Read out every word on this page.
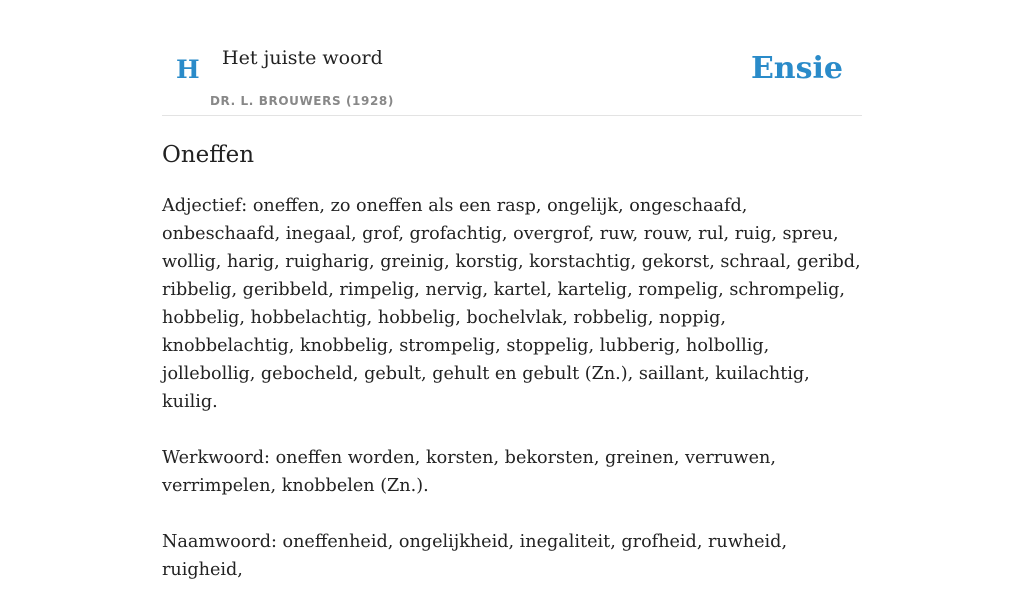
H Het juiste woord
DR. L. BROUWERS (1928)
Ensie
Oneffen

Adjectief: oneffen, zo oneffen als een rasp, ongelijk, ongeschaafd, onbeschaafd, inegaal, grof, grofachtig, overgrof, ruw, rouw, rul, ruig, spreu, wollig, harig, ruigharig, greinig, korstig, korstachtig, gekorst, schraal, geribd, ribbelig, geribbeld, rimpelig, nervig, kartel, kartelig, rompelig, schrompelig, hobbelig, hobbelachtig, hobbelig, bochelvlak, robbelig, noppig, knobbelachtig, knobbelig, strompelig, stoppelig, lubberig, holbollig, jollebollig, gebocheld, gebult, gehult en gebult (Zn.), saillant, kuilachtig, kuilig.

Werkwoord: oneffen worden, korsten, bekorsten, greinen, verruwen, verrimpelen, knobbelen (Zn.).

Naamwoord: oneffenheid, ongelijkheid, inegaliteit, grofheid, ruwheid, ruigheid,
